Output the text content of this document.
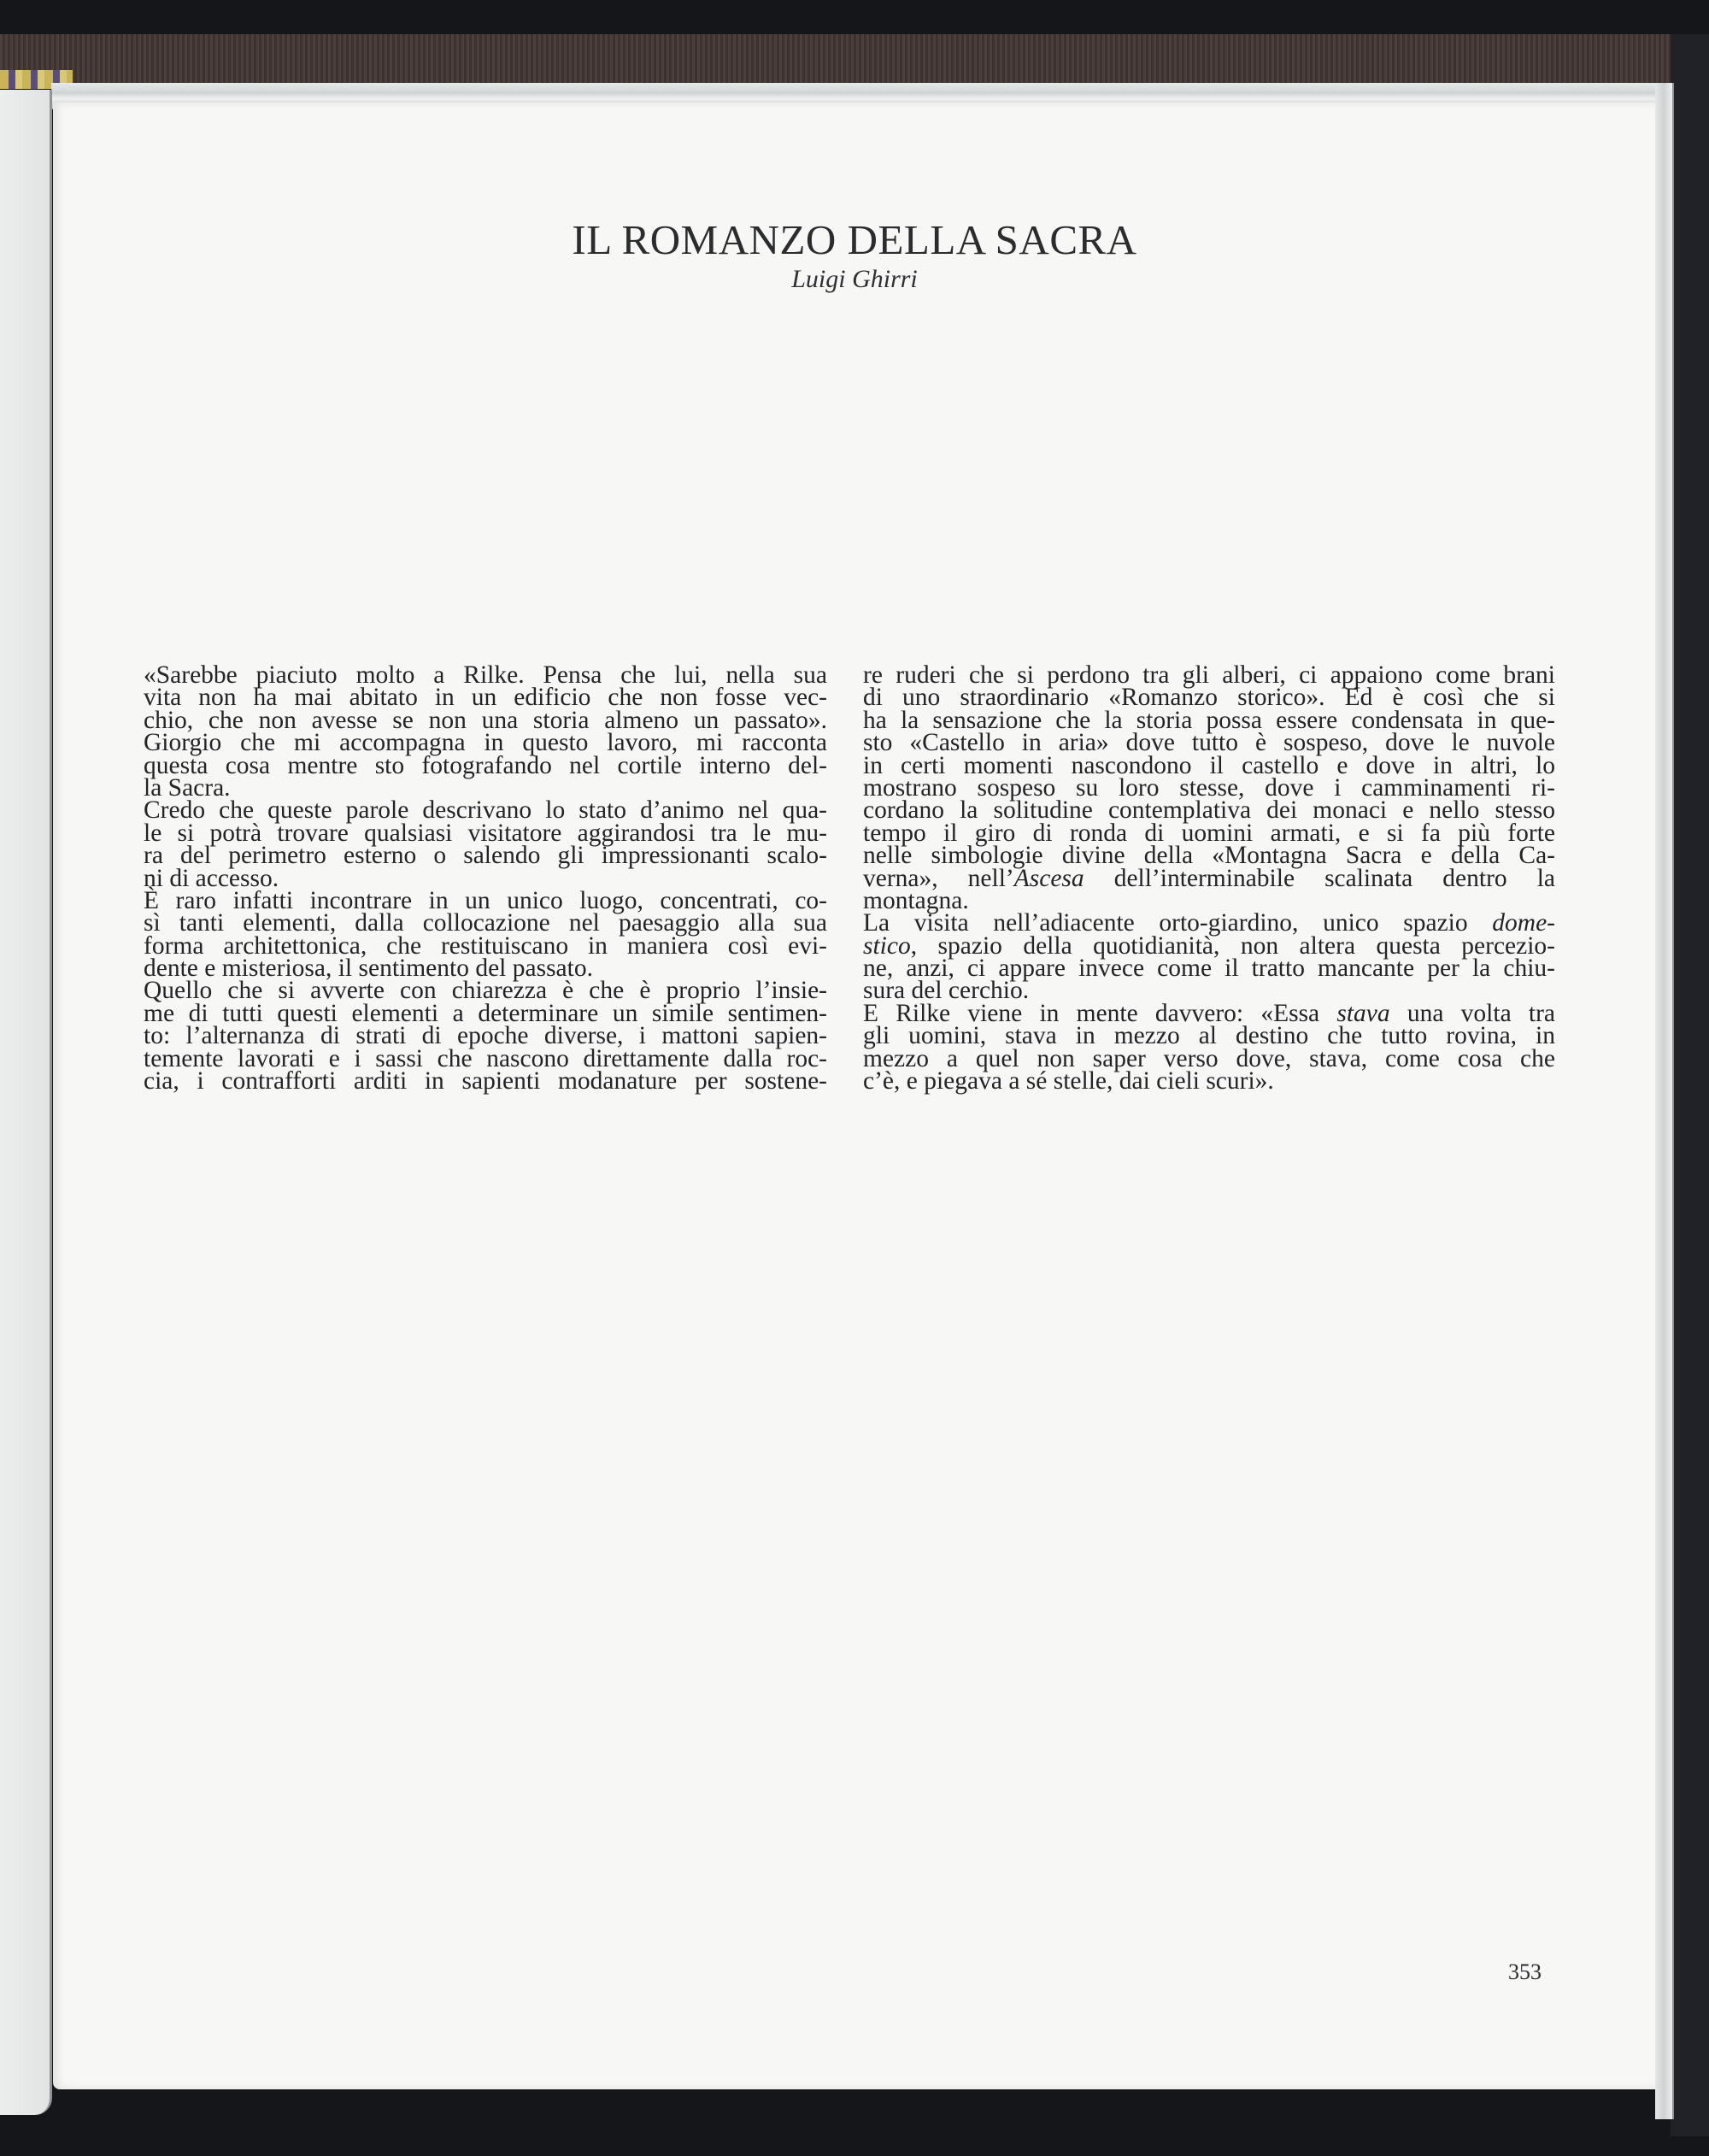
IL ROMANZO DELLA SACRA

Luigi Ghirri

«Sarebbe piaciuto molto a Rilke. Pensa che lui, nella sua
vita non ha mai abitato in un edificio che non fosse vec-
chio, che non avesse se non una storia almeno un passato».
Giorgio che mi accompagna in questo lavoro, mi racconta
questa cosa mentre sto fotografando nel cortile interno del-
la Sacra.
Credo che queste parole descrivano lo stato d’animo nel qua-
le si potrà trovare qualsiasi visitatore aggirandosi tra le mu-
ra del perimetro esterno o salendo gli impressionanti scalo-
ni di accesso.
È raro infatti incontrare in un unico luogo, concentrati, co-
sì tanti elementi, dalla collocazione nel paesaggio alla sua
forma architettonica, che restituiscano in maniera così evi-
dente e misteriosa, il sentimento del passato.
Quello che si avverte con chiarezza è che è proprio l’insie-
me di tutti questi elementi a determinare un simile sentimen-
to: l’alternanza di strati di epoche diverse, i mattoni sapien-
temente lavorati e i sassi che nascono direttamente dalla roc-
cia, i contrafforti arditi in sapienti modanature per sostene-
re ruderi che si perdono tra gli alberi, ci appaiono come brani
di uno straordinario «Romanzo storico». Ed è così che si
ha la sensazione che la storia possa essere condensata in que-
sto «Castello in aria» dove tutto è sospeso, dove le nuvole
in certi momenti nascondono il castello e dove in altri, lo
mostrano sospeso su loro stesse, dove i camminamenti ri-
cordano la solitudine contemplativa dei monaci e nello stesso
tempo il giro di ronda di uomini armati, e si fa più forte
nelle simbologie divine della «Montagna Sacra e della Ca-
verna», nell’Ascesa dell’interminabile scalinata dentro la
montagna.
La visita nell’adiacente orto-giardino, unico spazio dome-
stico, spazio della quotidianità, non altera questa percezio-
ne, anzi, ci appare invece come il tratto mancante per la chiu-
sura del cerchio.
E Rilke viene in mente davvero: «Essa stava una volta tra
gli uomini, stava in mezzo al destino che tutto rovina, in
mezzo a quel non saper verso dove, stava, come cosa che
c’è, e piegava a sé stelle, dai cieli scuri».
353
